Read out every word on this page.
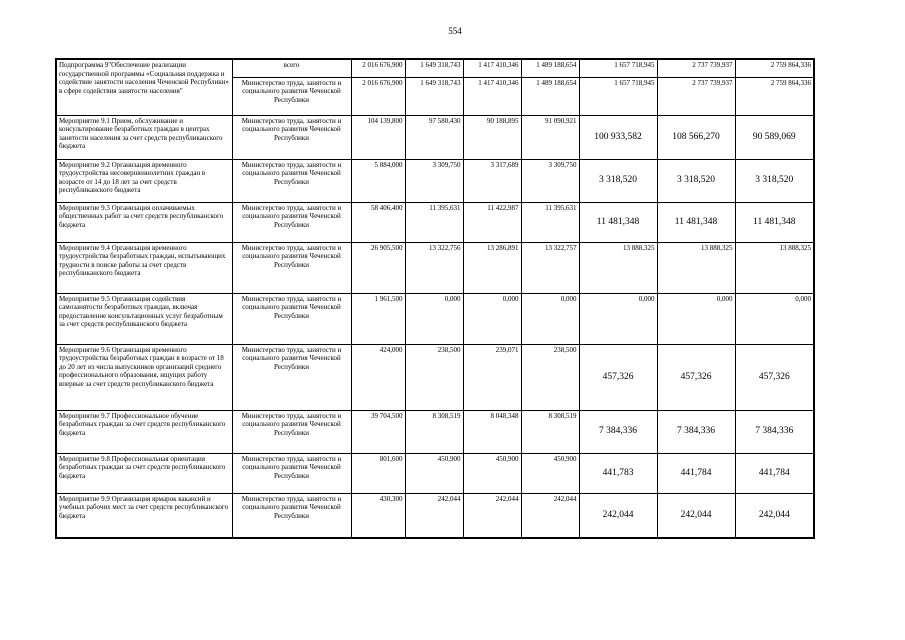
554
Подпрограмма 9"Обеспечение реализации государственной программы «Социальная поддержка и содействие занятости населения Чеченской Республики» в сфере содействия занятости населения"	всего	2 016 676,900	1 649 318,743	1 417 410,346	1 489 188,654	1 657 718,945	2 737 739,937	2 759 864,336
	Министерство труда, занятости и социального развития Чеченской Республики	2 016 676,900	1 649 318,743	1 417 410,346	1 489 188,654	1 657 718,945	2 737 739,937	2 759 864,336
Мероприятие 9.1 Прием, обслуживание и консультирование безработных граждан в центрах занятости населения за счет средств республиканского бюджета	Министерство труда, занятости и социального развития Чеченской Республики	104 139,800	97 580,430	90 188,895	91 090,921	100 933,582	108 566,270	90 589,069
Мероприятие 9.2 Организация временного трудоустройства несовершеннолетних граждан в возрасте от 14 до 18 лет за счет средств республиканского бюджета	Министерство труда, занятости и социального развития Чеченской Республики	5 884,000	3 309,750	3 317,689	3 309,750	3 318,520	3 318,520	3 318,520
Мероприятие 9.3 Организация оплачиваемых общественных работ за счет средств республиканского бюджета	Министерство труда, занятости и социального развития Чеченской Республики	58 406,400	11 395,631	11 422,987	11 395,631	11 481,348	11 481,348	11 481,348
Мероприятие 9.4 Организация временного трудоустройства безработных граждан, испытывающих трудности в поиске работы за счет средств республиканского бюджета	Министерство труда, занятости и социального развития Чеченской Республики	26 905,500	13 322,756	13 286,891	13 322,757	13 888,325	13 888,325	13 888,325
Мероприятие 9.5 Организация содействия самозанятости безработных граждан, включая предоставление консультационных услуг безработным за счет средств республиканского бюджета	Министерство труда, занятости и социального развития Чеченской Республики	1 961,500	0,000	0,000	0,000	0,000	0,000	0,000
Мероприятие 9.6 Организация временного трудоустройства безработных граждан в возрасте от 18 до 20 лет из числа выпускников организаций среднего профессионального образования, ищущих работу впервые за счет средств республиканского бюджета	Министерство труда, занятости и социального развития Чеченской Республики	424,000	238,500	239,071	238,500	457,326	457,326	457,326
Мероприятие 9.7 Профессиональное обучение безработных граждан за счет средств республиканского бюджета	Министерство труда, занятости и социального развития Чеченской Республики	39 704,500	8 308,519	8 048,348	8 308,519	7 384,336	7 384,336	7 384,336
Мероприятие 9.8 Профессиональная ориентация безработных граждан за счет средств республиканского бюджета	Министерство труда, занятости и социального развития Чеченской Республики	801,600	450,900	450,900	450,900	441,783	441,784	441,784
Мероприятие 9.9 Организация ярмарок вакансий и учебных рабочих мест за счет средств республиканского бюджета	Министерство труда, занятости и социального развития Чеченской Республики	430,300	242,044	242,044	242,044	242,044	242,044	242,044
